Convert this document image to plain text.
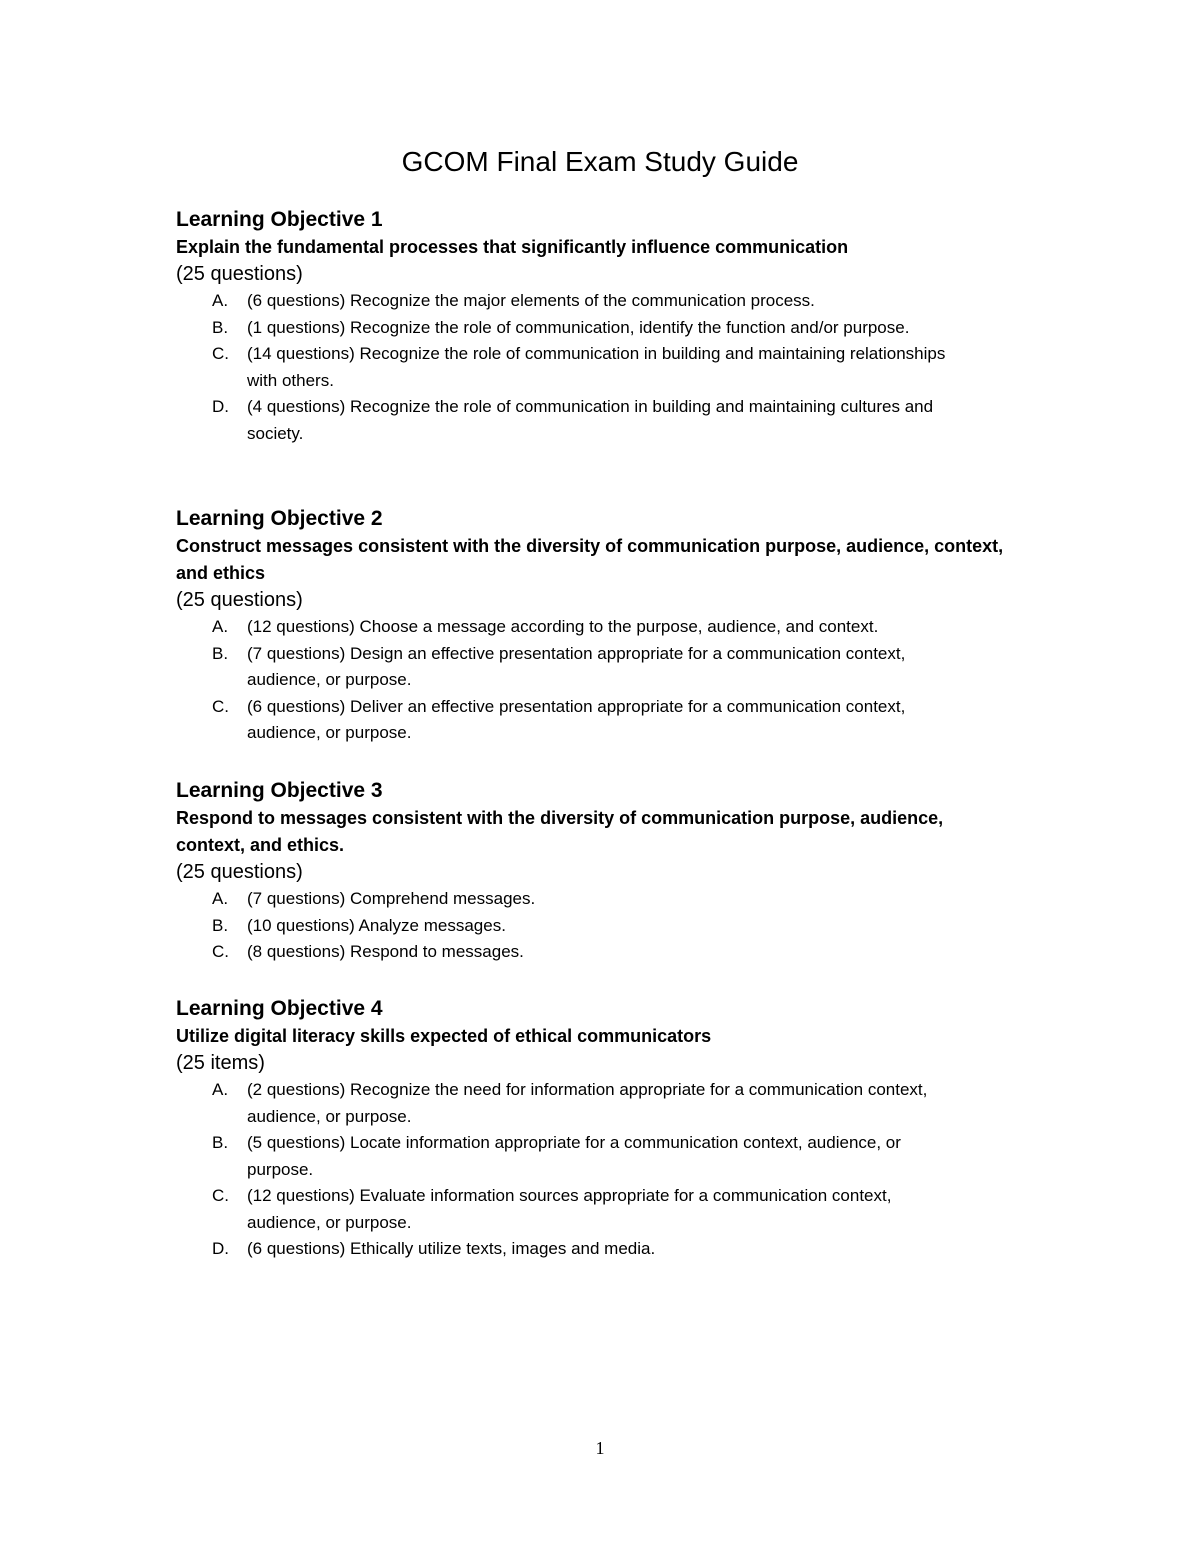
GCOM Final Exam Study Guide
Learning Objective 1

Explain the fundamental processes that significantly influence communication

(25 questions)

A. (6 questions) Recognize the major elements of the communication process.
B. (1 questions) Recognize the role of communication, identify the function and/or purpose.
C. (14 questions) Recognize the role of communication in building and maintaining relationships with others.
D. (4 questions) Recognize the role of communication in building and maintaining cultures and society.
Learning Objective 2

Construct messages consistent with the diversity of communication purpose, audience, context, and ethics

(25 questions)

A. (12 questions) Choose a message according to the purpose, audience, and context.
B. (7 questions) Design an effective presentation appropriate for a communication context, audience, or purpose.
C. (6 questions) Deliver an effective presentation appropriate for a communication context, audience, or purpose.
Learning Objective 3

Respond to messages consistent with the diversity of communication purpose, audience, context, and ethics.

(25 questions)

A. (7 questions) Comprehend messages.
B. (10 questions) Analyze messages.
C. (8 questions) Respond to messages.
Learning Objective 4

Utilize digital literacy skills expected of ethical communicators

(25 items)

A. (2 questions) Recognize the need for information appropriate for a communication context, audience, or purpose.
B. (5 questions) Locate information appropriate for a communication context, audience, or purpose.
C. (12 questions) Evaluate information sources appropriate for a communication context, audience, or purpose.
D. (6 questions) Ethically utilize texts, images and media.
1
